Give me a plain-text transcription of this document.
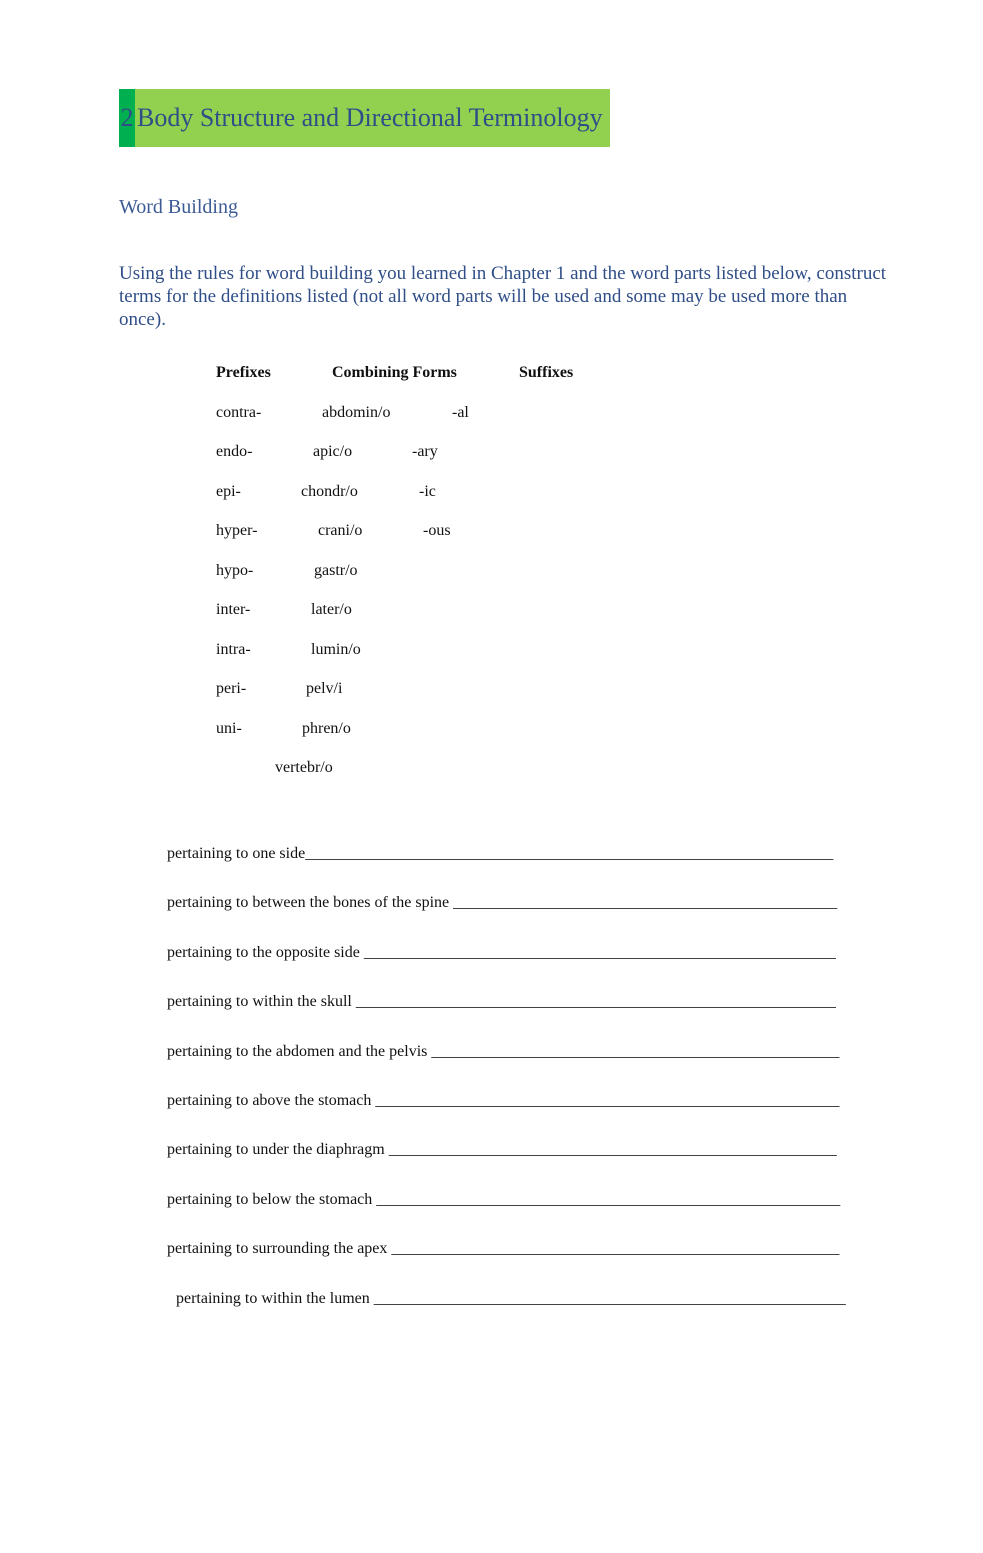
2 Body Structure and Directional Terminology
Word Building
Using the rules for word building you learned in Chapter 1 and the word parts listed below, construct terms for the definitions listed (not all word parts will be used and some may be used more than once).
Prefixes	Combining Forms	Suffixes
contra-
endo-
epi-
hyper-
hypo-
inter-
intra-
peri-
uni-
abdomin/o
apic/o
chondr/o
crani/o
gastr/o
later/o
lumin/o
pelv/i
phren/o
vertebr/o
-al
-ary
-ic
-ous
pertaining to one side__________________________________________________________________
pertaining to between the bones of the spine ________________________________________________
pertaining to the opposite side ___________________________________________________________
pertaining to within the skull ____________________________________________________________
pertaining to the abdomen and the pelvis ___________________________________________________
pertaining to above the stomach __________________________________________________________
pertaining to under the diaphragm ________________________________________________________
pertaining to below the stomach __________________________________________________________
pertaining to surrounding the apex ________________________________________________________
pertaining to within the lumen ___________________________________________________________
